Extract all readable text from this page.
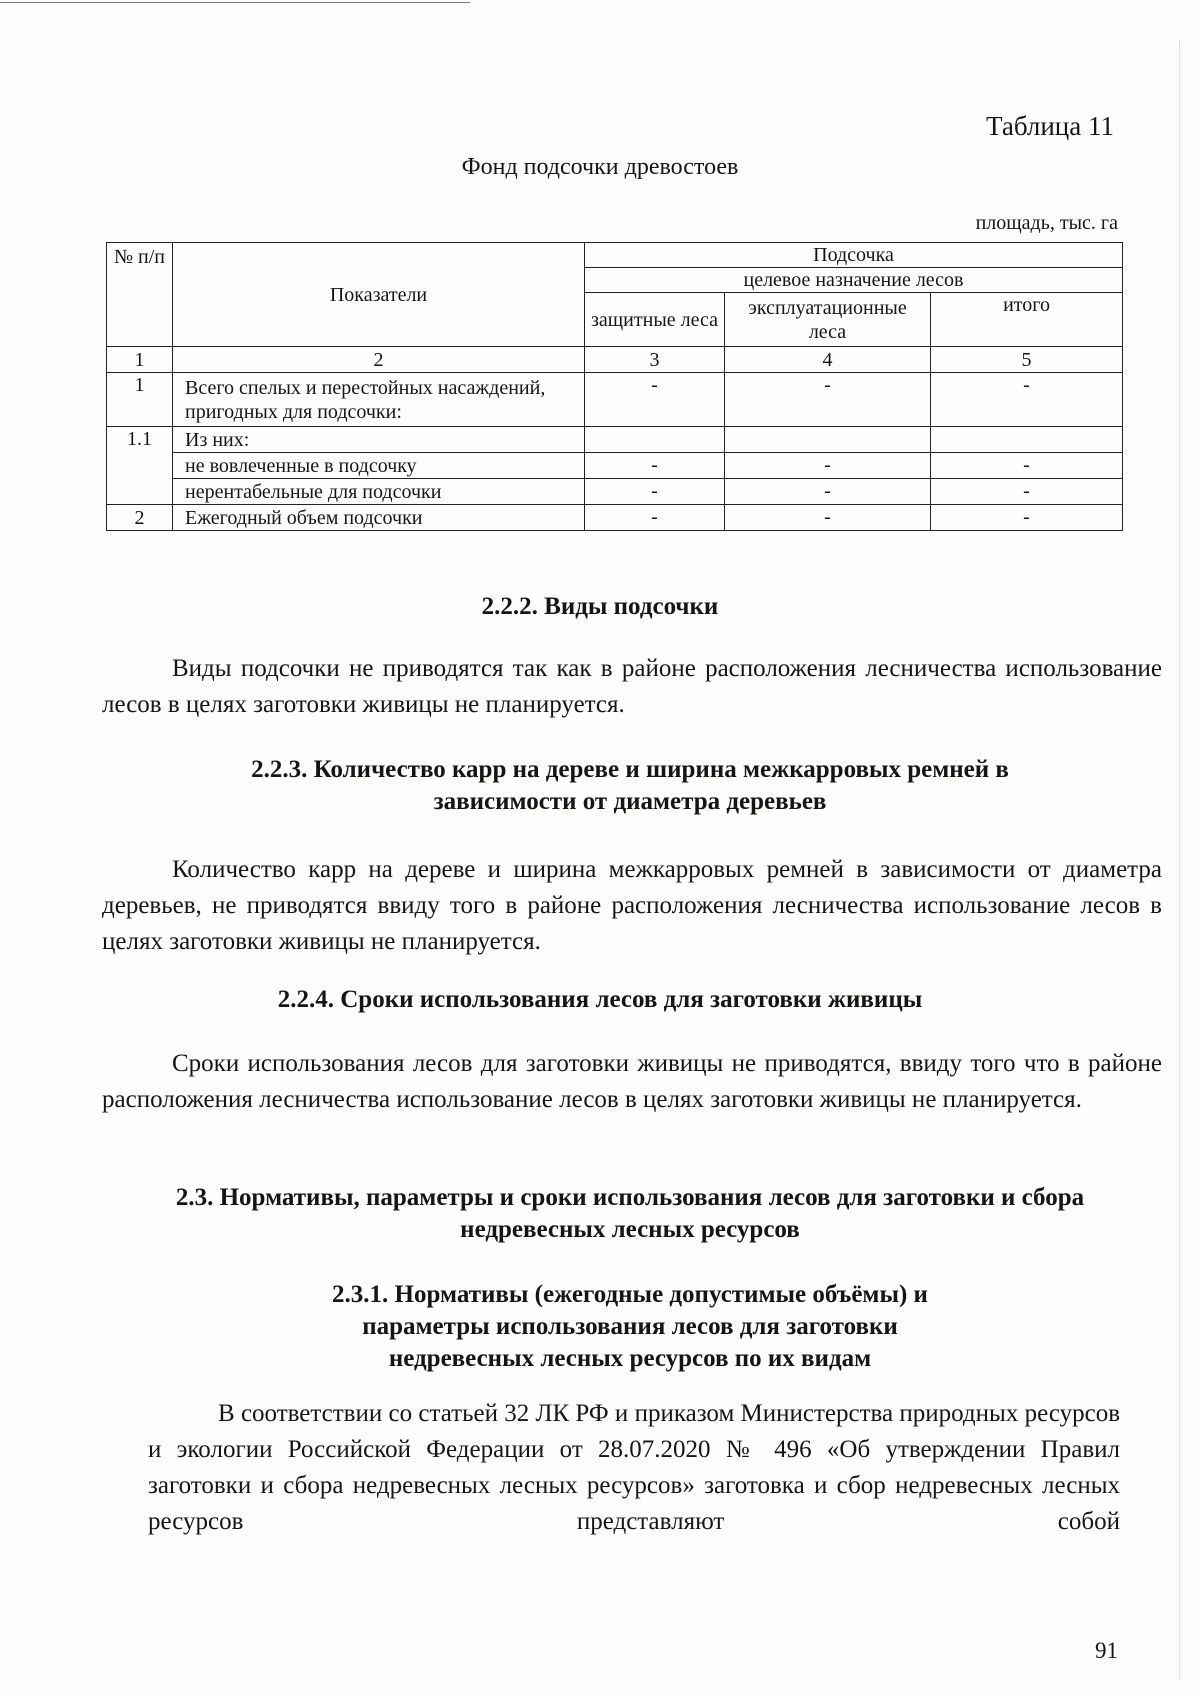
Таблица 11
Фонд подсочки древостоев
площадь, тыс. га
№ п/п	Показатели	Подсочка		
		целевое назначение лесов		
		защитные леса	эксплуатационные леса	итого
1	2	3	4	5
1	Всего спелых и перестойных насаждений, пригодных для подсочки:	-	-	-
1.1	Из них:			
	не вовлеченные в подсочку	-	-	-
	нерентабельные для подсочки	-	-	-
2	Ежегодный объем подсочки	-	-	-
2.2.2. Виды подсочки
Виды подсочки не приводятся так как в районе расположения лесничества использование лесов в целях заготовки живицы не планируется.
2.2.3. Количество карр на дереве и ширина межкарровых ремней в зависимости от диаметра деревьев
Количество карр на дереве и ширина межкарровых ремней в зависимости от диаметра деревьев, не приводятся ввиду того в районе расположения лесничества использование лесов в целях заготовки живицы не планируется.
2.2.4. Сроки использования лесов для заготовки живицы
Сроки использования лесов для заготовки живицы не приводятся, ввиду того что в районе расположения лесничества использование лесов в целях заготовки живицы не планируется.
2.3. Нормативы, параметры и сроки использования лесов для заготовки и сбора недревесных лесных ресурсов
2.3.1. Нормативы (ежегодные допустимые объёмы) и параметры использования лесов для заготовки недревесных лесных ресурсов по их видам
В соответствии со статьей 32 ЛК РФ и приказом Министерства природных ресурсов и экологии Российской Федерации от 28.07.2020 № 496 «Об утверждении Правил заготовки и сбора недревесных лесных ресурсов» заготовка и сбор недревесных лесных ресурсов представляют собой
91
